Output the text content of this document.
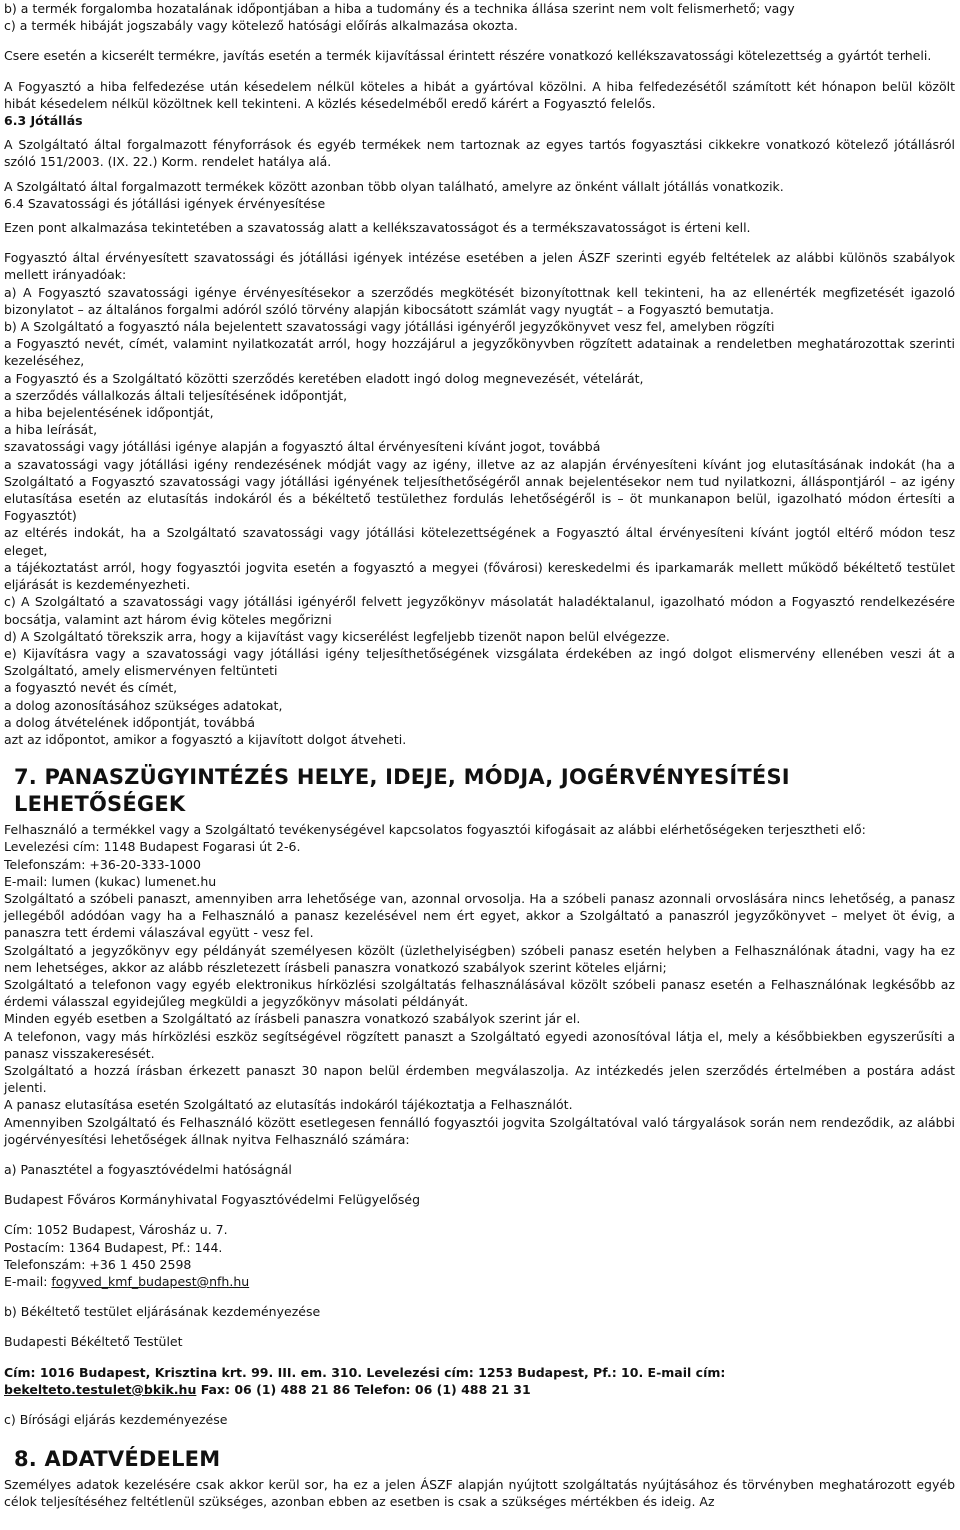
b) a termék forgalomba hozatalának időpontjában a hiba a tudomány és a technika állása szerint nem volt felismerhető; vagy

c) a termék hibáját jogszabály vagy kötelező hatósági előírás alkalmazása okozta.

Csere esetén a kicserélt termékre, javítás esetén a termék kijavítással érintett részére vonatkozó kellékszavatossági kötelezettség a gyártót terheli.

A Fogyasztó a hiba felfedezése után késedelem nélkül köteles a hibát a gyártóval közölni. A hiba felfedezésétől számított két hónapon belül közölt hibát késedelem nélkül közöltnek kell tekinteni. A közlés késedelméből eredő kárért a Fogyasztó felelős.

6.3 Jótállás

A Szolgáltató által forgalmazott fényforrások és egyéb termékek nem tartoznak az egyes tartós fogyasztási cikkekre vonatkozó kötelező jótállásról szóló 151/2003. (IX. 22.) Korm. rendelet hatálya alá.

A Szolgáltató által forgalmazott termékek között azonban több olyan található, amelyre az önként vállalt jótállás vonatkozik.

6.4 Szavatossági és jótállási igények érvényesítése

Ezen pont alkalmazása tekintetében a szavatosság alatt a kellékszavatosságot és a termékszavatosságot is érteni kell.

Fogyasztó által érvényesített szavatossági és jótállási igények intézése esetében a jelen ÁSZF szerinti egyéb feltételek az alábbi különös szabályok mellett irányadóak:

a) A Fogyasztó szavatossági igénye érvényesítésekor a szerződés megkötését bizonyítottnak kell tekinteni, ha az ellenérték megfizetését igazoló bizonylatot – az általános forgalmi adóról szóló törvény alapján kibocsátott számlát vagy nyugtát – a Fogyasztó bemutatja.

b) A Szolgáltató a fogyasztó nála bejelentett szavatossági vagy jótállási igényéről jegyzőkönyvet vesz fel, amelyben rögzíti

a Fogyasztó nevét, címét, valamint nyilatkozatát arról, hogy hozzájárul a jegyzőkönyvben rögzített adatainak a rendeletben meghatározottak szerinti kezeléséhez,

a Fogyasztó és a Szolgáltató közötti szerződés keretében eladott ingó dolog megnevezését, vételárát,

a szerződés vállalkozás általi teljesítésének időpontját,

a hiba bejelentésének időpontját,

a hiba leírását,

szavatossági vagy jótállási igénye alapján a fogyasztó által érvényesíteni kívánt jogot, továbbá

a szavatossági vagy jótállási igény rendezésének módját vagy az igény, illetve az az alapján érvényesíteni kívánt jog elutasításának indokát (ha a Szolgáltató a Fogyasztó szavatossági vagy jótállási igényének teljesíthetőségéről annak bejelentésekor nem tud nyilatkozni, álláspontjáról – az igény elutasítása esetén az elutasítás indokáról és a békéltető testülethez fordulás lehetőségéről is – öt munkanapon belül, igazolható módon értesíti a Fogyasztót)

az eltérés indokát, ha a Szolgáltató szavatossági vagy jótállási kötelezettségének a Fogyasztó által érvényesíteni kívánt jogtól eltérő módon tesz eleget,

a tájékoztatást arról, hogy fogyasztói jogvita esetén a fogyasztó a megyei (fővárosi) kereskedelmi és iparkamarák mellett működő békéltető testület eljárását is kezdeményezheti.

c) A Szolgáltató a szavatossági vagy jótállási igényéről felvett jegyzőkönyv másolatát haladéktalanul, igazolható módon a Fogyasztó rendelkezésére bocsátja, valamint azt három évig köteles megőrizni

d) A Szolgáltató törekszik arra, hogy a kijavítást vagy kicserélést legfeljebb tizenöt napon belül elvégezze.

e) Kijavításra vagy a szavatossági vagy jótállási igény teljesíthetőségének vizsgálata érdekében az ingó dolgot elismervény ellenében veszi át a Szolgáltató, amely elismervényen feltünteti

a fogyasztó nevét és címét,

a dolog azonosításához szükséges adatokat,

a dolog átvételének időpontját, továbbá

azt az időpontot, amikor a fogyasztó a kijavított dolgot átveheti.

7. PANASZÜGYINTÉZÉS HELYE, IDEJE, MÓDJA, JOGÉRVÉNYESÍTÉSI LEHETŐSÉGEK

Felhasználó a termékkel vagy a Szolgáltató tevékenységével kapcsolatos fogyasztói kifogásait az alábbi elérhetőségeken terjesztheti elő:

Levelezési cím: 1148 Budapest Fogarasi út 2-6.

Telefonszám: +36-20-333-1000

E-mail: lumen (kukac) lumenet.hu

Szolgáltató a szóbeli panaszt, amennyiben arra lehetősége van, azonnal orvosolja. Ha a szóbeli panasz azonnali orvoslására nincs lehetőség, a panasz jellegéből adódóan vagy ha a Felhasználó a panasz kezelésével nem ért egyet, akkor a Szolgáltató a panaszról jegyzőkönyvet – melyet öt évig, a panaszra tett érdemi válaszával együtt - vesz fel.

Szolgáltató a jegyzőkönyv egy példányát személyesen közölt (üzlethelyiségben) szóbeli panasz esetén helyben a Felhasználónak átadni, vagy ha ez nem lehetséges, akkor az alább részletezett írásbeli panaszra vonatkozó szabályok szerint köteles eljárni;

Szolgáltató a telefonon vagy egyéb elektronikus hírközlési szolgáltatás felhasználásával közölt szóbeli panasz esetén a Felhasználónak legkésőbb az érdemi válasszal egyidejűleg megküldi a jegyzőkönyv másolati példányát.

Minden egyéb esetben a Szolgáltató az írásbeli panaszra vonatkozó szabályok szerint jár el.

A telefonon, vagy más hírközlési eszköz segítségével rögzített panaszt a Szolgáltató egyedi azonosítóval látja el, mely a későbbiekben egyszerűsíti a panasz visszakeresését.

Szolgáltató a hozzá írásban érkezett panaszt 30 napon belül érdemben megválaszolja. Az intézkedés jelen szerződés értelmében a postára adást jelenti.

A panasz elutasítása esetén Szolgáltató az elutasítás indokáról tájékoztatja a Felhasználót.

Amennyiben Szolgáltató és Felhasználó között esetlegesen fennálló fogyasztói jogvita Szolgáltatóval való tárgyalások során nem rendeződik, az alábbi jogérvényesítési lehetőségek állnak nyitva Felhasználó számára:

a) Panasztétel a fogyasztóvédelmi hatóságnál

Budapest Főváros Kormányhivatal Fogyasztóvédelmi Felügyelőség

Cím: 1052 Budapest, Városház u. 7.

Postacím: 1364 Budapest, Pf.: 144.

Telefonszám: +36 1 450 2598

E-mail: fogyved_kmf_budapest@nfh.hu

b) Békéltető testület eljárásának kezdeményezése

Budapesti Békéltető Testület

Cím: 1016 Budapest, Krisztina krt. 99. III. em. 310. Levelezési cím: 1253 Budapest, Pf.: 10. E-mail cím:
bekelteto.testulet@bkik.hu Fax: 06 (1) 488 21 86 Telefon: 06 (1) 488 21 31

c) Bírósági eljárás kezdeményezése

8. ADATVÉDELEM

Személyes adatok kezelésére csak akkor kerül sor, ha ez a jelen ÁSZF alapján nyújtott szolgáltatás nyújtásához és törvényben meghatározott egyéb célok teljesítéséhez feltétlenül szükséges, azonban ebben az esetben is csak a szükséges mértékben és ideig. Az
